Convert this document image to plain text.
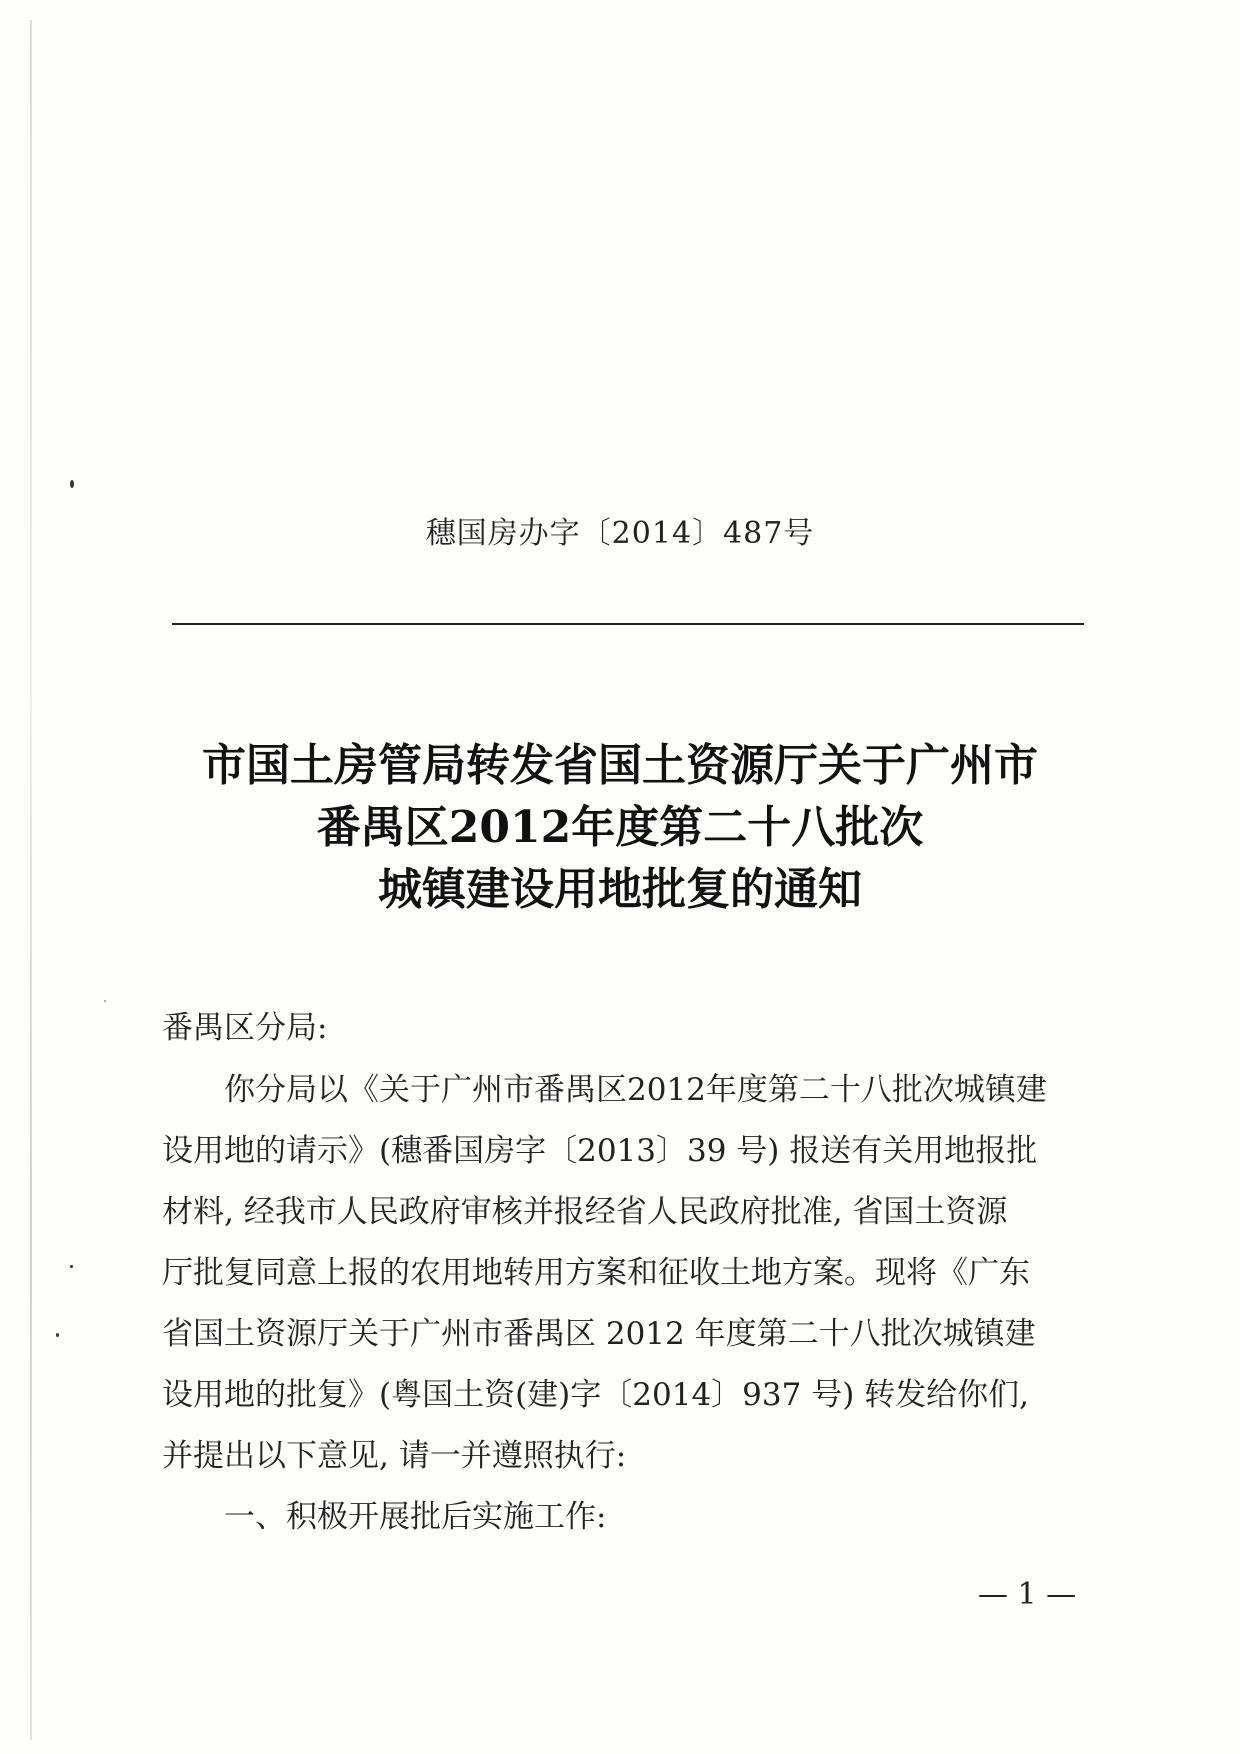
穗国房办字〔2014〕487号
市国土房管局转发省国土资源厅关于广州市
番禺区2012年度第二十八批次
城镇建设用地批复的通知
番禺区分局:
你分局以《关于广州市番禺区2012年度第二十八批次城镇建
设用地的请示》(穗番国房字〔2013〕39 号) 报送有关用地报批
材料, 经我市人民政府审核并报经省人民政府批准, 省国土资源
厅批复同意上报的农用地转用方案和征收土地方案。现将《广东
省国土资源厅关于广州市番禺区 2012 年度第二十八批次城镇建
设用地的批复》(粤国土资(建)字〔2014〕937 号) 转发给你们,
并提出以下意见, 请一并遵照执行:
一、积极开展批后实施工作:
— 1 —
